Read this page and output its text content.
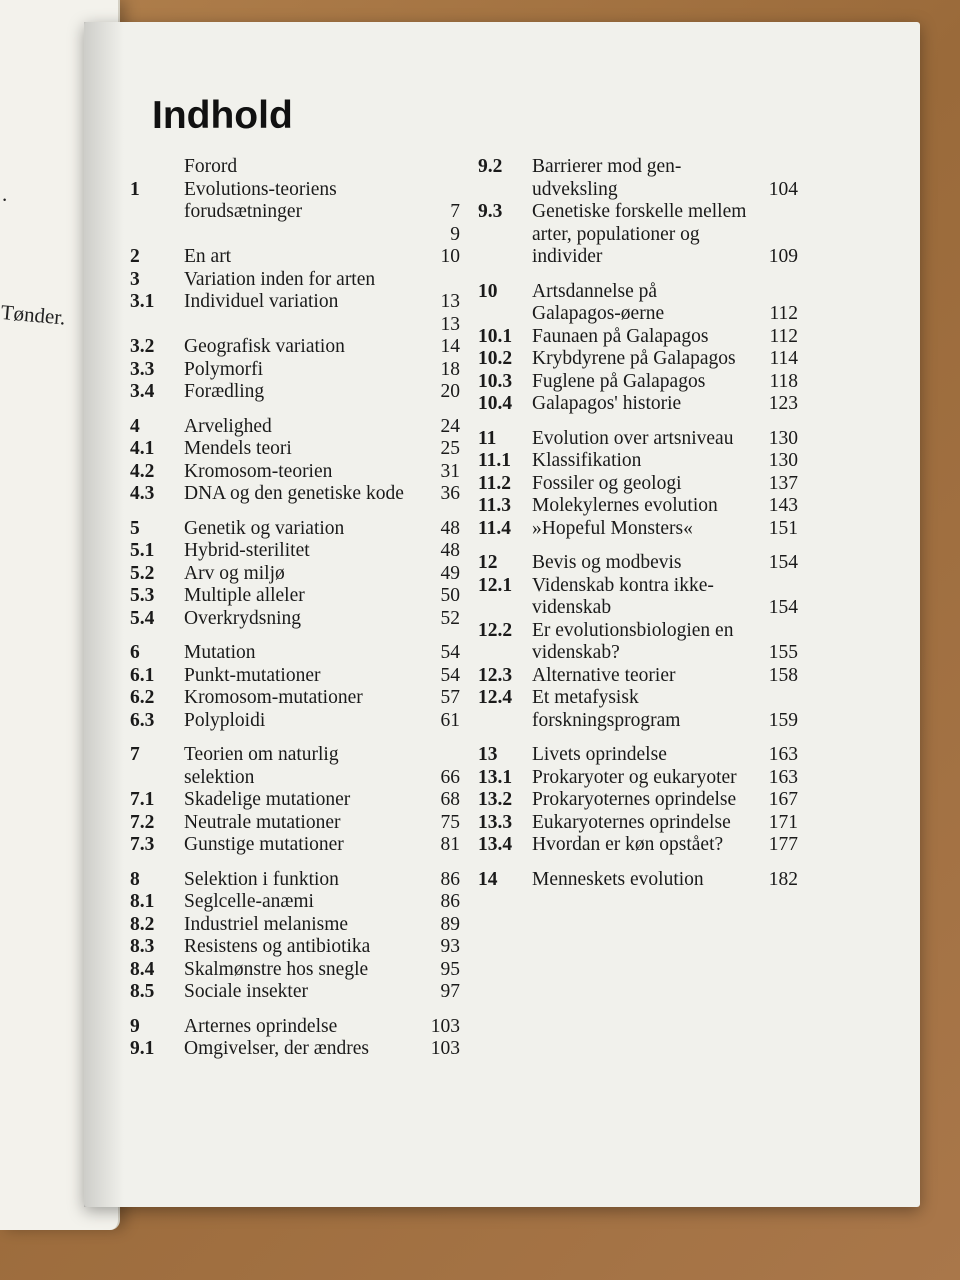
.
Tønder.
Indhold
Forord
1	Evolutions-teoriens forudsætninger	7
9
2	En art	10
3	Variation inden for arten
3.1	Individuel variation	13
13
3.2	Geografisk variation	14
3.3	Polymorfi	18
3.4	Forædling	20
4	Arvelighed	24
4.1	Mendels teori	25
4.2	Kromosom-teorien	31
4.3	DNA og den genetiske kode	36
5	Genetik og variation	48
5.1	Hybrid-sterilitet	48
5.2	Arv og miljø	49
5.3	Multiple alleler	50
5.4	Overkrydsning	52
6	Mutation	54
6.1	Punkt-mutationer	54
6.2	Kromosom-mutationer	57
6.3	Polyploidi	61
7	Teorien om naturlig selektion	66
7.1	Skadelige mutationer	68
7.2	Neutrale mutationer	75
7.3	Gunstige mutationer	81
8	Selektion i funktion	86
8.1	Seglcelle-anæmi	86
8.2	Industriel melanisme	89
8.3	Resistens og antibiotika	93
8.4	Skalmønstre hos snegle	95
8.5	Sociale insekter	97
9	Arternes oprindelse	103
9.1	Omgivelser, der ændres	103
9.2	Barrierer mod gen-udveksling	104
9.3	Genetiske forskelle mellem arter, populationer og individer	109
10	Artsdannelse på Galapagos-øerne	112
10.1	Faunaen på Galapagos	112
10.2	Krybdyrene på Galapagos	114
10.3	Fuglene på Galapagos	118
10.4	Galapagos' historie	123
11	Evolution over artsniveau	130
11.1	Klassifikation	130
11.2	Fossiler og geologi	137
11.3	Molekylernes evolution	143
11.4	»Hopeful Monsters«	151
12	Bevis og modbevis	154
12.1	Videnskab kontra ikke-videnskab	154
12.2	Er evolutionsbiologien en videnskab?	155
12.3	Alternative teorier	158
12.4	Et metafysisk forskningsprogram	159
13	Livets oprindelse	163
13.1	Prokaryoter og eukaryoter	163
13.2	Prokaryoternes oprindelse	167
13.3	Eukaryoternes oprindelse	171
13.4	Hvordan er køn opstået?	177
14	Menneskets evolution	182
